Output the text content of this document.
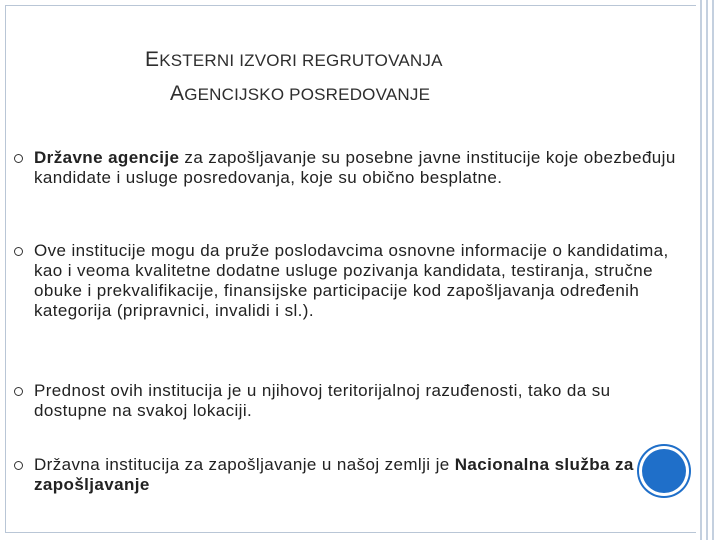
EKSTERNI IZVORI REGRUTOVANJA
AGENCIJSKO POSREDOVANJE
Državne agencije za zapošljavanje su posebne javne institucije koje obezbeđuju kandidate i usluge posredovanja, koje su obično besplatne.
Ove institucije mogu da pruže poslodavcima osnovne informacije o kandidatima, kao i veoma kvalitetne dodatne usluge pozivanja kandidata, testiranja, stručne obuke i prekvalifikacije, finansijske participacije kod zapošljavanja određenih kategorija (pripravnici, invalidi i sl.).
Prednost ovih institucija je u njihovoj teritorijalnoj razuđenosti, tako da su dostupne na svakoj lokaciji.
Državna institucija za zapošljavanje u našoj zemlji je Nacionalna služba za zapošljavanje
